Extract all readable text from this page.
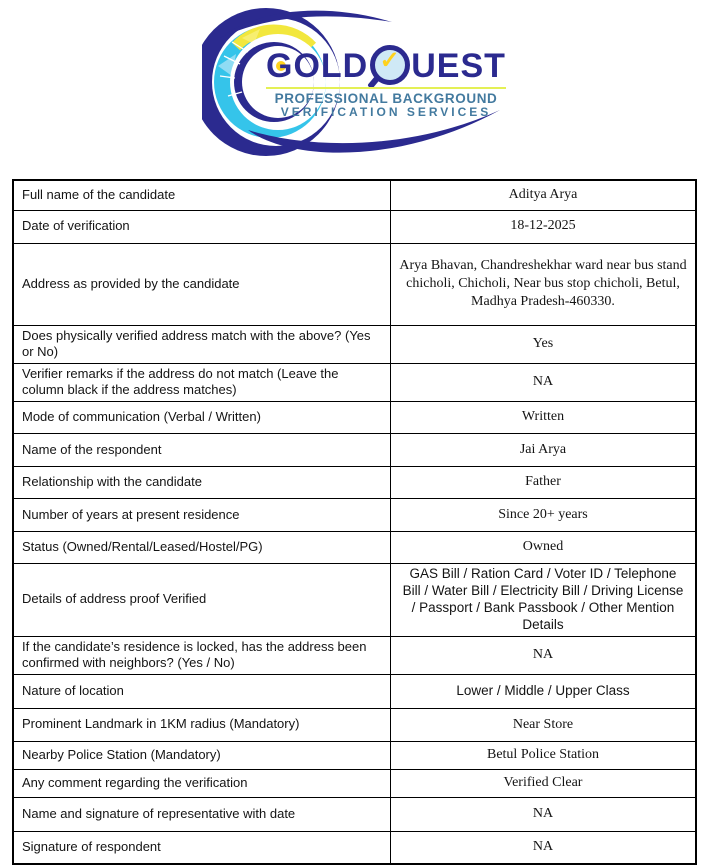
GOLD ✓ UEST
PROFESSIONAL BACKGROUND
VERIFICATION SERVICES
Full name of the candidate	Aditya Arya
Date of verification	18-12-2025
Address as provided by the candidate	Arya Bhavan, Chandreshekhar ward near bus stand chicholi, Chicholi, Near bus stop chicholi, Betul, Madhya Pradesh-460330.
Does physically verified address match with the above? (Yes or No)	Yes
Verifier remarks if the address do not match (Leave the column black if the address matches)	NA
Mode of communication (Verbal / Written)	Written
Name of the respondent	Jai Arya
Relationship with the candidate	Father
Number of years at present residence	Since 20+ years
Status (Owned/Rental/Leased/Hostel/PG)	Owned
Details of address proof Verified	GAS Bill / Ration Card / Voter ID / Telephone Bill / Water Bill / Electricity Bill / Driving License / Passport / Bank Passbook / Other Mention Details
If the candidate’s residence is locked, has the address been confirmed with neighbors? (Yes / No)	NA
Nature of location	Lower / Middle / Upper Class
Prominent Landmark in 1KM radius (Mandatory)	Near Store
Nearby Police Station (Mandatory)	Betul Police Station
Any comment regarding the verification	Verified Clear
Name and signature of representative with date	NA
Signature of respondent	NA
